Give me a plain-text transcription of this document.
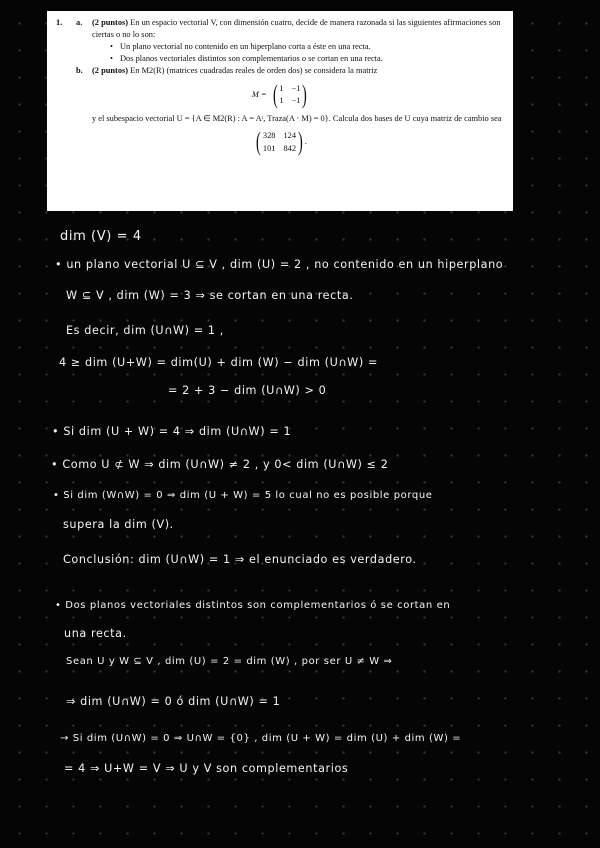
1. a. (2 puntos) En un espacio vectorial V, con dimensión cuatro, decide de manera razonada si las siguientes afirmaciones son ciertas o no lo son:
• Un plano vectorial no contenido en un hiperplano corta a éste en una recta.
• Dos planos vectoriales distintos son complementarios o se cortan en una recta.
b. (2 puntos) En M2(R) (matrices cuadradas reales de orden dos) se considera la matriz
M = ( 1 −1
1 −1 )
y el subespacio vectorial U = {A ∈ M2(R) : A = Aᵗ, Traza(A · M) = 0}. Calcula dos bases de U cuya matriz de cambio sea
( 328 124
101 842 ) .
dim (V) = 4
• un plano vectorial U ⊆ V , dim (U) = 2 , no contenido en un hiperplano
W ⊆ V , dim (W) = 3 ⇒ se cortan en una recta.
Es decir, dim (U∩W) = 1 ,
4 ≥ dim (U+W) = dim(U) + dim (W) − dim (U∩W) =
= 2 + 3 − dim (U∩W) > 0
• Si dim (U + W) = 4 ⇒ dim (U∩W) = 1
• Como U ⊄ W ⇒ dim (U∩W) ≠ 2 , y 0< dim (U∩W) ≤ 2
• Si dim (W∩W) = 0 ⇒ dim (U + W) = 5 lo cual no es posible porque
supera la dim (V).
Conclusión: dim (U∩W) = 1 ⇒ el enunciado es verdadero.
• Dos planos vectoriales distintos son complementarios ó se cortan en
una recta.
Sean U y W ⊆ V , dim (U) = 2 = dim (W) , por ser U ≠ W ⇒
⇒ dim (U∩W) = 0 ó dim (U∩W) = 1
→ Si dim (U∩W) = 0 ⇒ U∩W = {0} , dim (U + W) = dim (U) + dim (W) =
= 4 ⇒ U+W = V ⇒ U y V son complementarios
